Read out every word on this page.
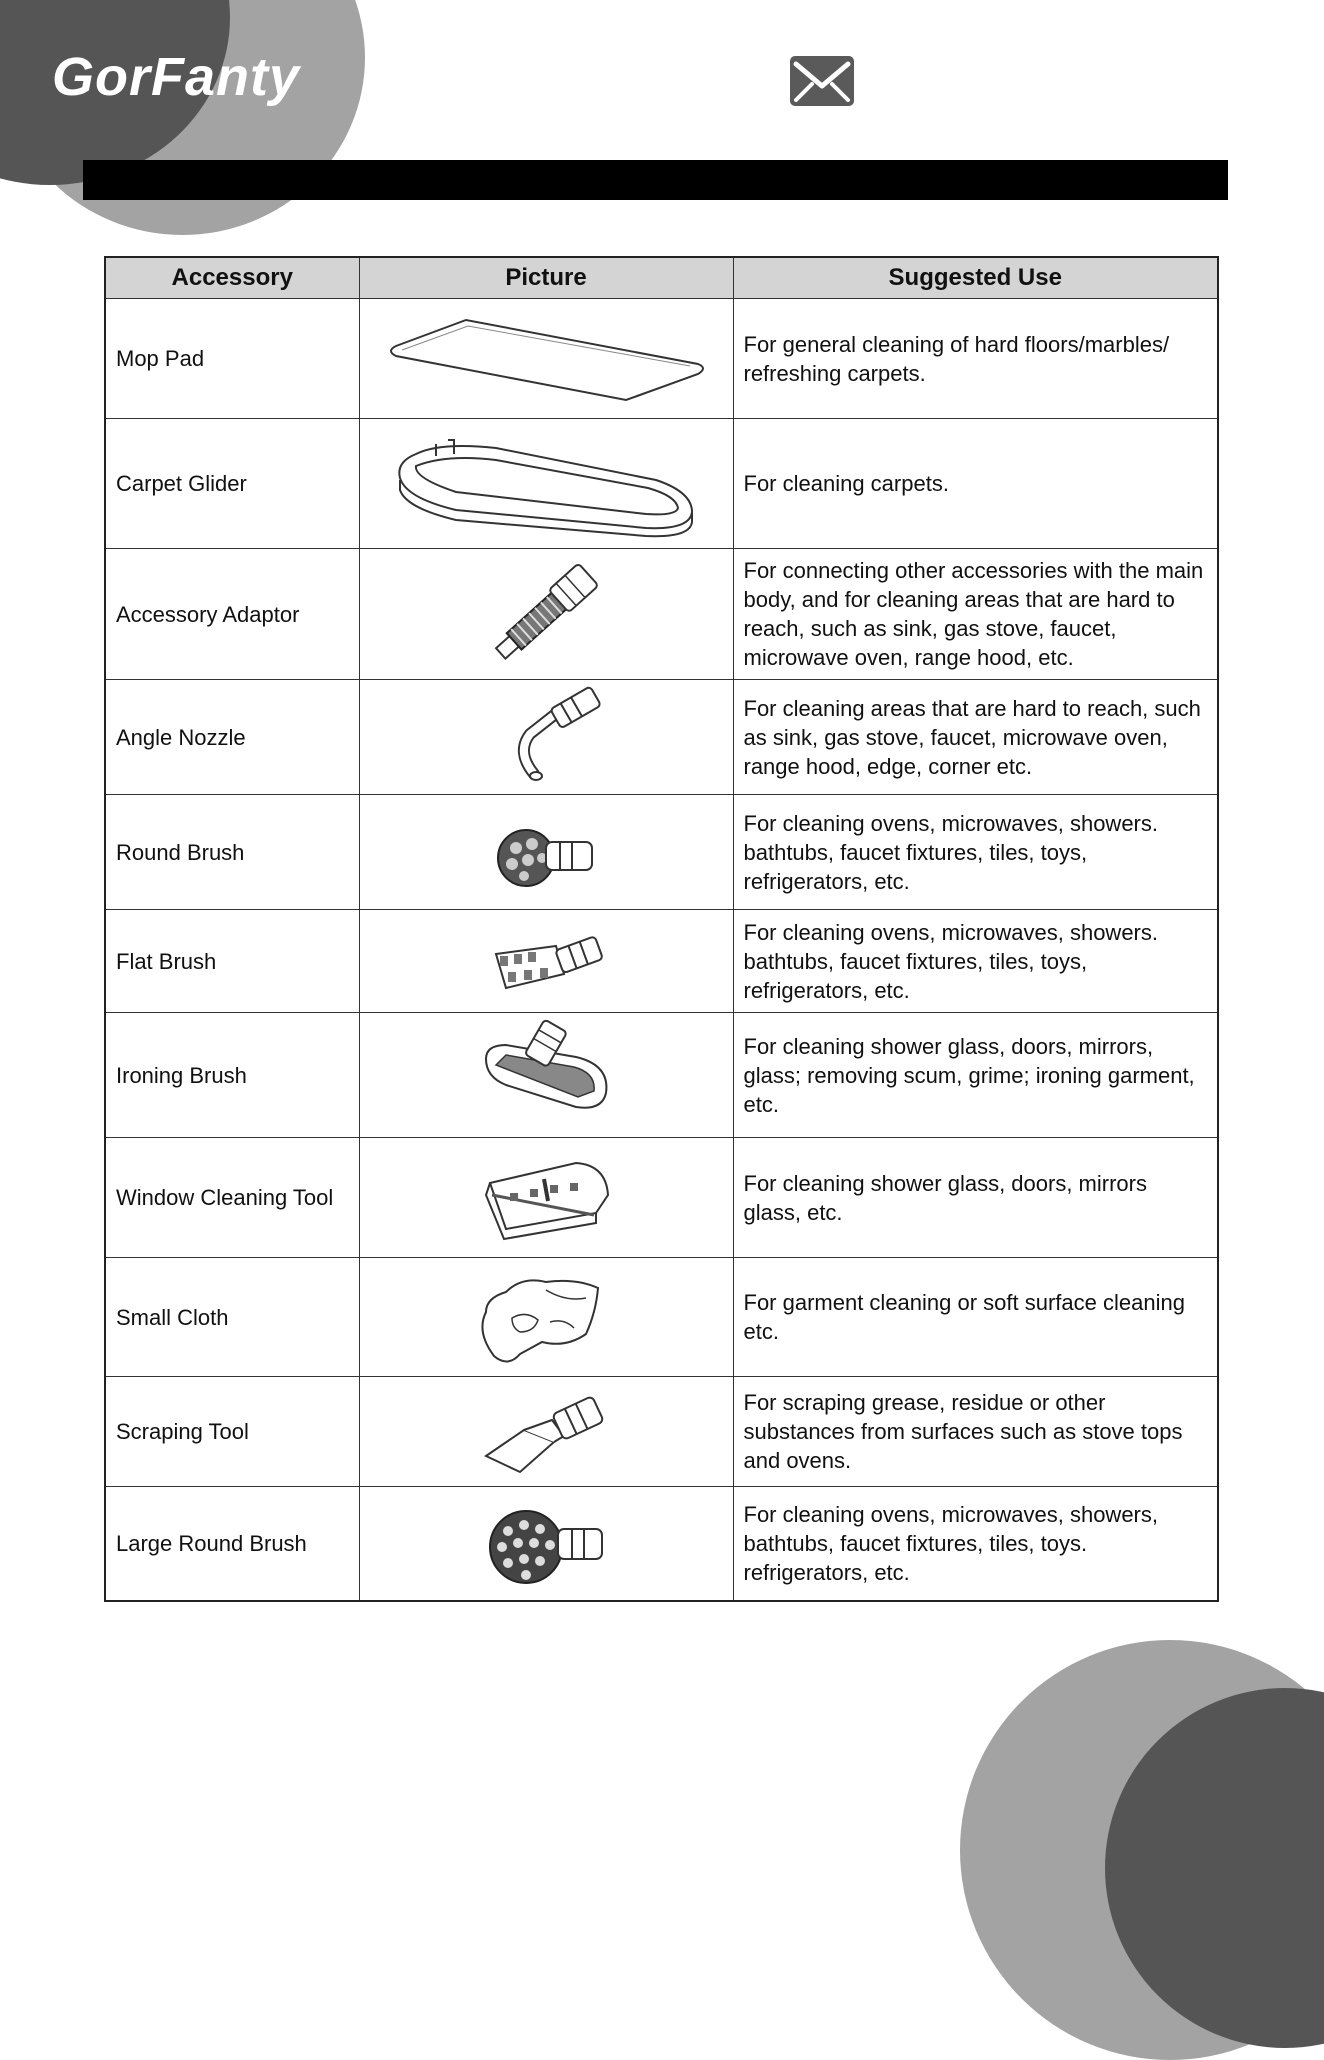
GorFanty
Accessory	Picture	Suggested Use
Mop Pad		For general cleaning of hard floors/marbles/ refreshing carpets.
Carpet Glider		For cleaning carpets.
Accessory Adaptor		For connecting other accessories with the main body, and for cleaning areas that are hard to reach, such as sink, gas stove, faucet, microwave oven, range hood, etc.
Angle Nozzle		For cleaning areas that are hard to reach, such as sink, gas stove, faucet, microwave oven, range hood, edge, corner etc.
Round Brush		For cleaning ovens, microwaves, showers. bathtubs, faucet fixtures, tiles, toys, refrigerators, etc.
Flat Brush		For cleaning ovens, microwaves, showers. bathtubs, faucet fixtures, tiles, toys, refrigerators, etc.
Ironing Brush		For cleaning shower glass, doors, mirrors, glass; removing scum, grime; ironing garment, etc.
Window Cleaning Tool		For cleaning shower glass, doors, mirrors glass, etc.
Small Cloth		For garment cleaning or soft surface cleaning etc.
Scraping Tool		For scraping grease, residue or other substances from surfaces such as stove tops and ovens.
Large Round Brush		For cleaning ovens, microwaves, showers, bathtubs, faucet fixtures, tiles, toys. refrigerators, etc.
